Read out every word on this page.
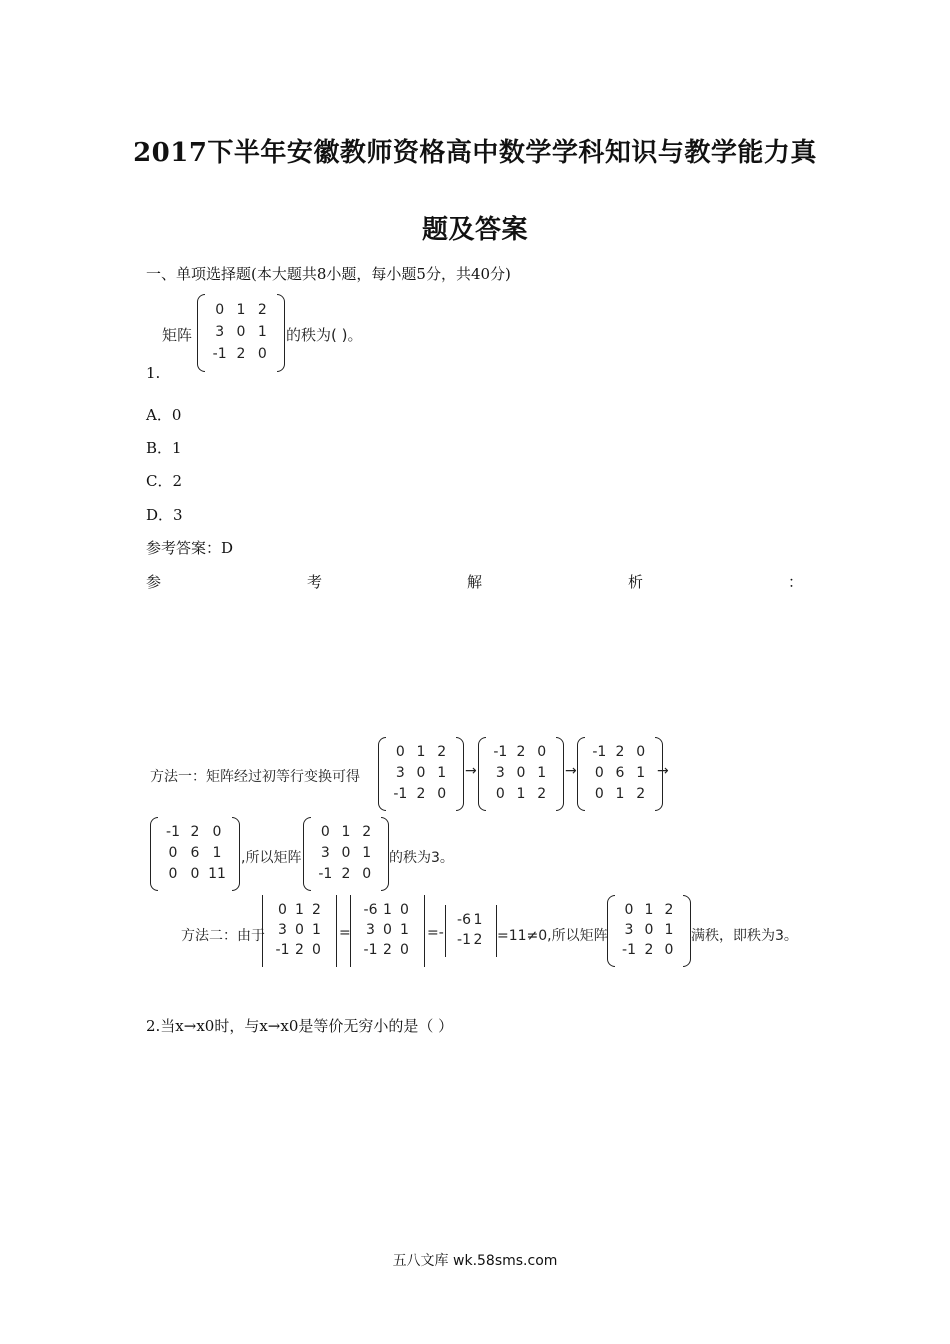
2017下半年安徽教师资格高中数学学科知识与教学能力真
题及答案
一、单项选择题(本大题共8小题，每小题5分，共40分)
矩阵
0 1 2
3 0 1
-1 2 0
的秩为( )。
1.
A．0
B．1
C．2
D．3
参考答案：D
参	考	解	析	：
方法一：矩阵经过初等行变换可得
0 1 2
3 0 1
-1 2 0
→
-1 2 0
3 0 1
0 1 2
→
-1 2 0
0 6 1
0 1 2
→
-1 2 0
0 6 1
0 0 11
,所以矩阵
0 1 2
3 0 1
-1 2 0
的秩为3。
方法二：由于
0 1 2
3 0 1
-1 2 0
=
-6 1 0
3 0 1
-1 2 0
=-
-6 1
-1 2 =11≠0,所以矩阵
0 1 2
3 0 1
-1 2 0
满秩，即秩为3。
2.当x→x0时，与x→x0是等价无穷小的是（ ）
五八文库 wk.58sms.com
